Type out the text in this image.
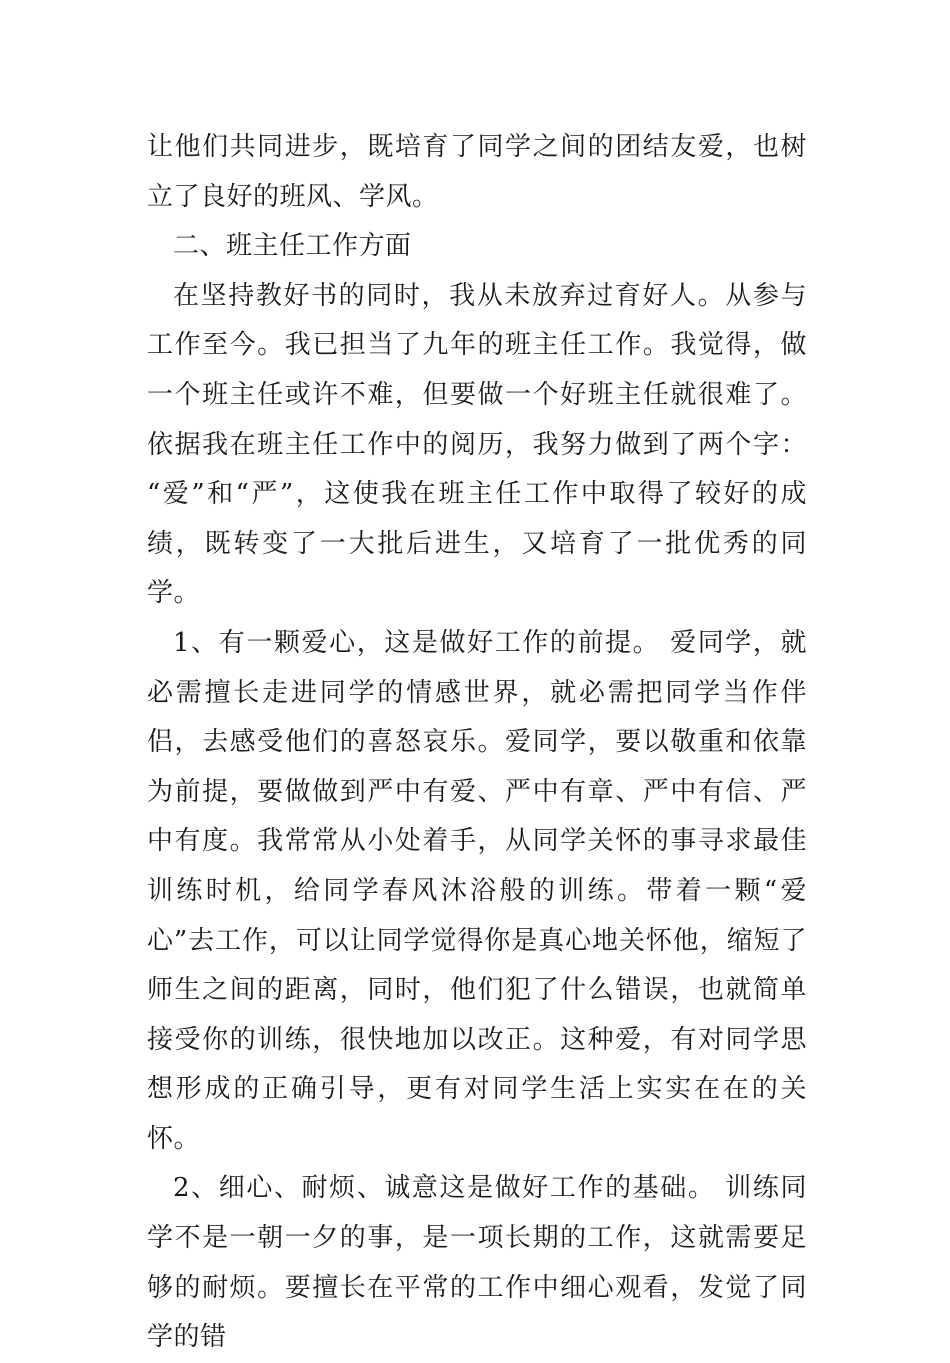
让他们共同进步，既培育了同学之间的团结友爱，也树立了良好的班风、学风。

二、班主任工作方面

在坚持教好书的同时，我从未放弃过育好人。从参与工作至今。我已担当了九年的班主任工作。我觉得，做一个班主任或许不难，但要做一个好班主任就很难了。依据我在班主任工作中的阅历，我努力做到了两个字： “爱”和“严”，这使我在班主任工作中取得了较好的成绩，既转变了一大批后进生，又培育了一批优秀的同学。

1、有一颗爱心，这是做好工作的前提。 爱同学，就必需擅长走进同学的情感世界，就必需把同学当作伴侣，去感受他们的喜怒哀乐。爱同学，要以敬重和依靠为前提，要做做到严中有爱、严中有章、严中有信、严中有度。我常常从小处着手，从同学关怀的事寻求最佳训练时机，给同学春风沐浴般的训练。带着一颗“爱心”去工作，可以让同学觉得你是真心地关怀他，缩短了师生之间的距离，同时，他们犯了什么错误，也就简单接受你的训练，很快地加以改正。这种爱，有对同学思想形成的正确引导，更有对同学生活上实实在在的关怀。

2、细心、耐烦、诚意这是做好工作的基础。 训练同学不是一朝一夕的事，是一项长期的工作，这就需要足够的耐烦。要擅长在平常的工作中细心观看，发觉了同学的错
